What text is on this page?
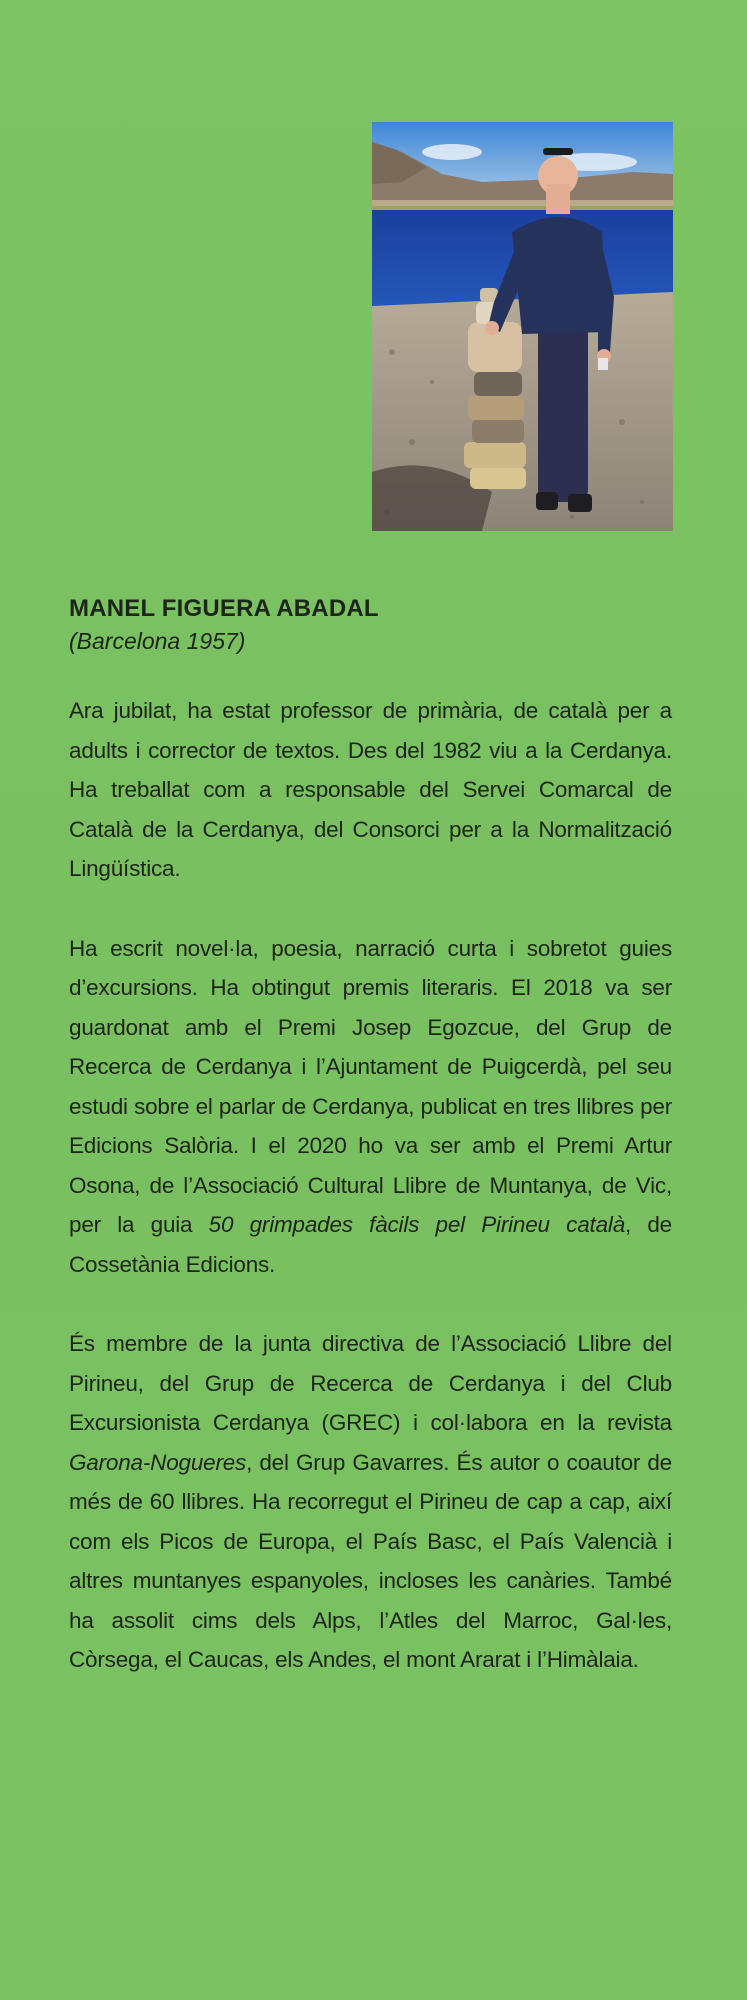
MANEL FIGUERA ABADAL

(Barcelona 1957)

Ara jubilat, ha estat professor de primària, de català per a adults i corrector de textos. Des del 1982 viu a la Cerdanya. Ha treballat com a responsable del Servei Comarcal de Català de la Cerdanya, del Consorci per a la Normalització Lingüística.

Ha escrit novel·la, poesia, narració curta i sobretot guies d’excursions. Ha obtingut premis literaris. El 2018 va ser guardonat amb el Premi Josep Egozcue, del Grup de Recerca de Cerdanya i l’Ajuntament de Puigcerdà, pel seu estudi sobre el parlar de Cerdanya, publicat en tres llibres per Edicions Salòria. I el 2020 ho va ser amb el Premi Artur Osona, de l’Associació Cultural Llibre de Muntanya, de Vic, per la guia 50 grimpades fàcils pel Pirineu català, de Cossetània Edicions.

És membre de la junta directiva de l’Associació Llibre del Pirineu, del Grup de Recerca de Cerdanya i del Club Excursionista Cerdanya (GREC) i col·labora en la revista Garona-Nogueres, del Grup Gavarres. És autor o coautor de més de 60 llibres. Ha recorregut el Pirineu de cap a cap, així com els Picos de Europa, el País Basc, el País Valencià i altres muntanyes espanyoles, incloses les canàries. També ha assolit cims dels Alps, l’Atles del Marroc, Gal·les, Còrsega, el Caucas, els Andes, el mont Ararat i l’Himàlaia.
